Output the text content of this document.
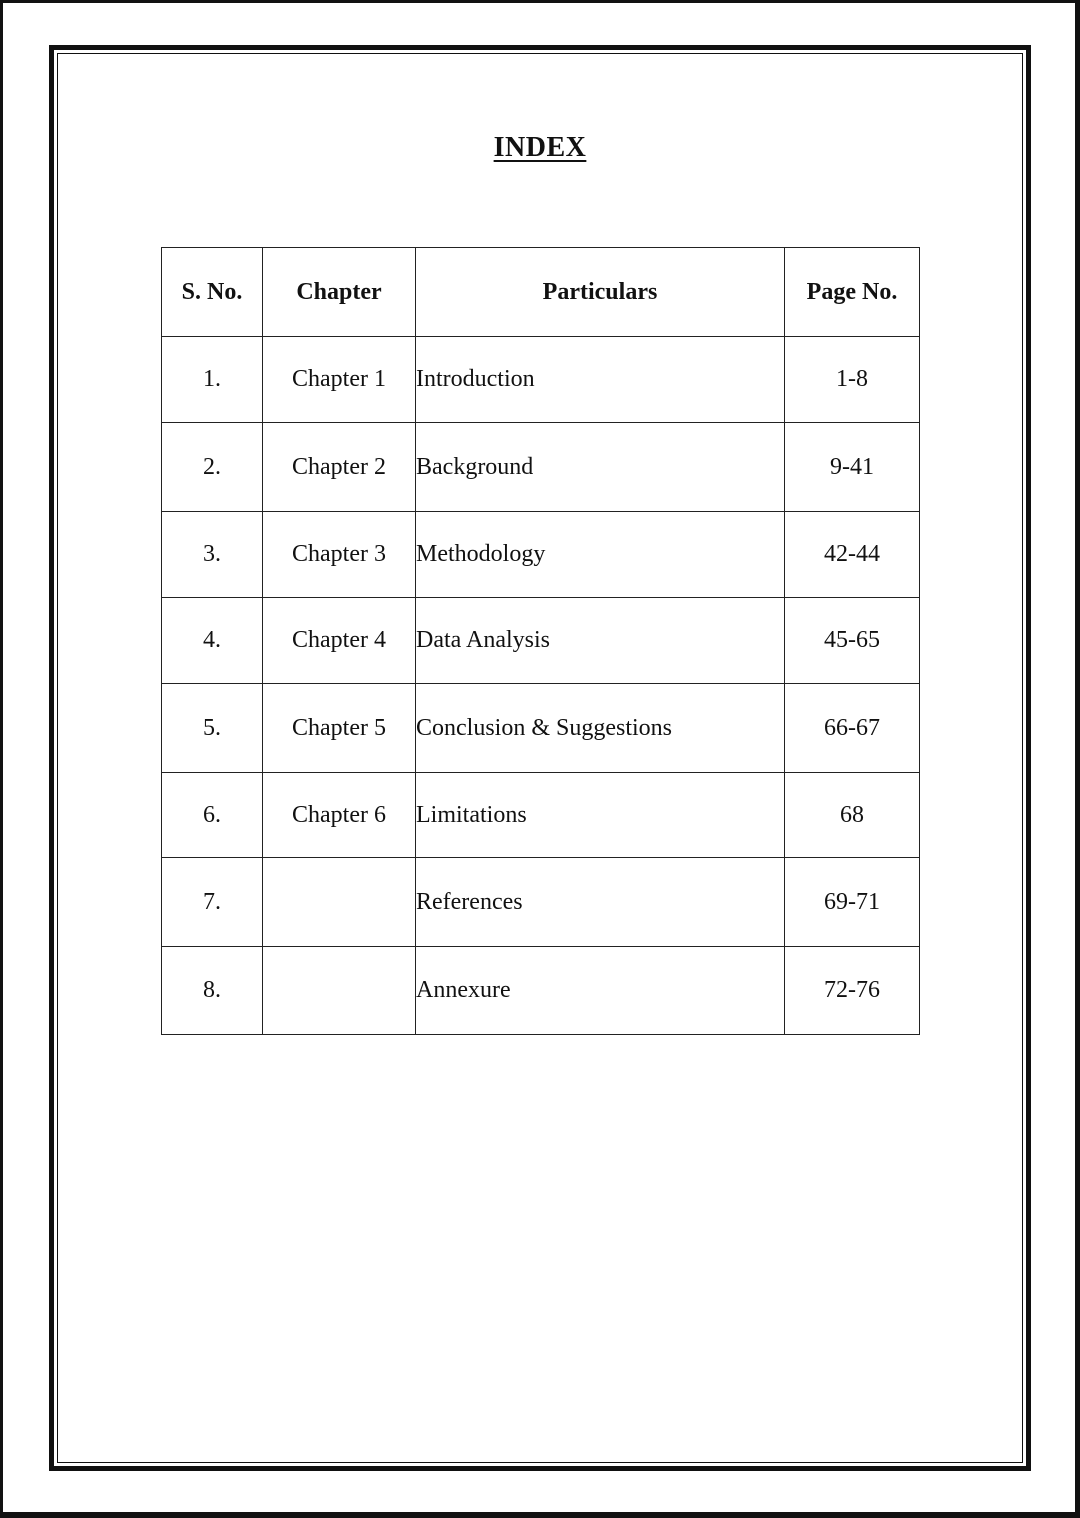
INDEX
S. No.	Chapter	Particulars	Page No.
1.	Chapter 1	Introduction	1-8
2.	Chapter 2	Background	9-41
3.	Chapter 3	Methodology	42-44
4.	Chapter 4	Data Analysis	45-65
5.	Chapter 5	Conclusion & Suggestions	66-67
6.	Chapter 6	Limitations	68
7.		References	69-71
8.		Annexure	72-76
